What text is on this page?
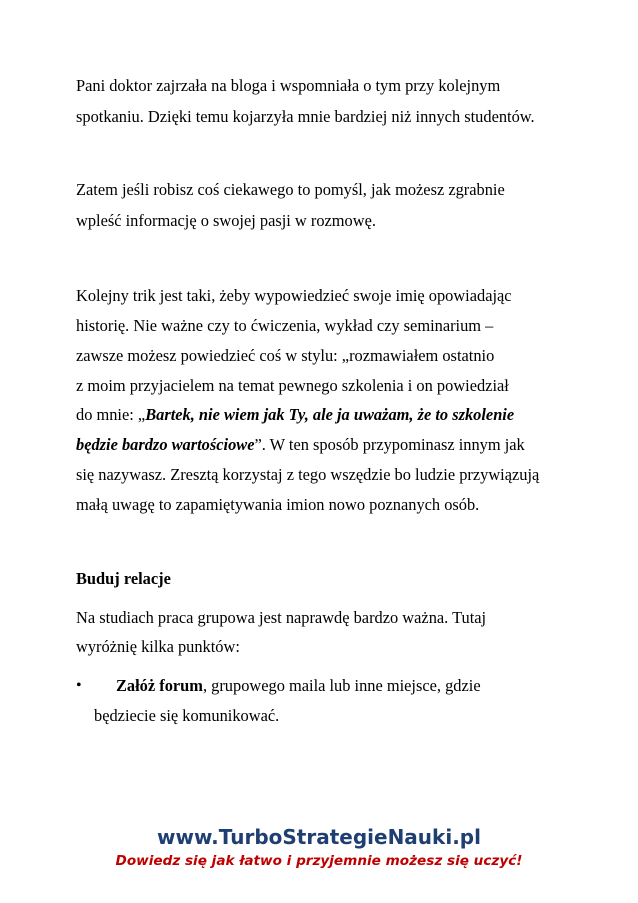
Pani doktor zajrzała na bloga i wspomniała o tym przy kolejnym

spotkaniu. Dzięki temu kojarzyła mnie bardziej niż innych studentów.

Zatem jeśli robisz coś ciekawego to pomyśl, jak możesz zgrabnie

wpleść informację o swojej pasji w rozmowę.

Kolejny trik jest taki, żeby wypowiedzieć swoje imię opowiadając

historię. Nie ważne czy to ćwiczenia, wykład czy seminarium –

zawsze możesz powiedzieć coś w stylu: „rozmawiałem ostatnio

z moim przyjacielem na temat pewnego szkolenia i on powiedział

do mnie: „Bartek, nie wiem jak Ty, ale ja uważam, że to szkolenie

będzie bardzo wartościowe”. W ten sposób przypominasz innym jak

się nazywasz. Zresztą korzystaj z tego wszędzie bo ludzie przywiązują

małą uwagę to zapamiętywania imion nowo poznanych osób.

Buduj relacje

Na studiach praca grupowa jest naprawdę bardzo ważna. Tutaj

wyróżnię kilka punktów:

• Załóż forum, grupowego maila lub inne miejsce, gdzie

będziecie się komunikować.

www.TurboStrategieNauki.pl
Dowiedz się jak łatwo i przyjemnie możesz się uczyć!
